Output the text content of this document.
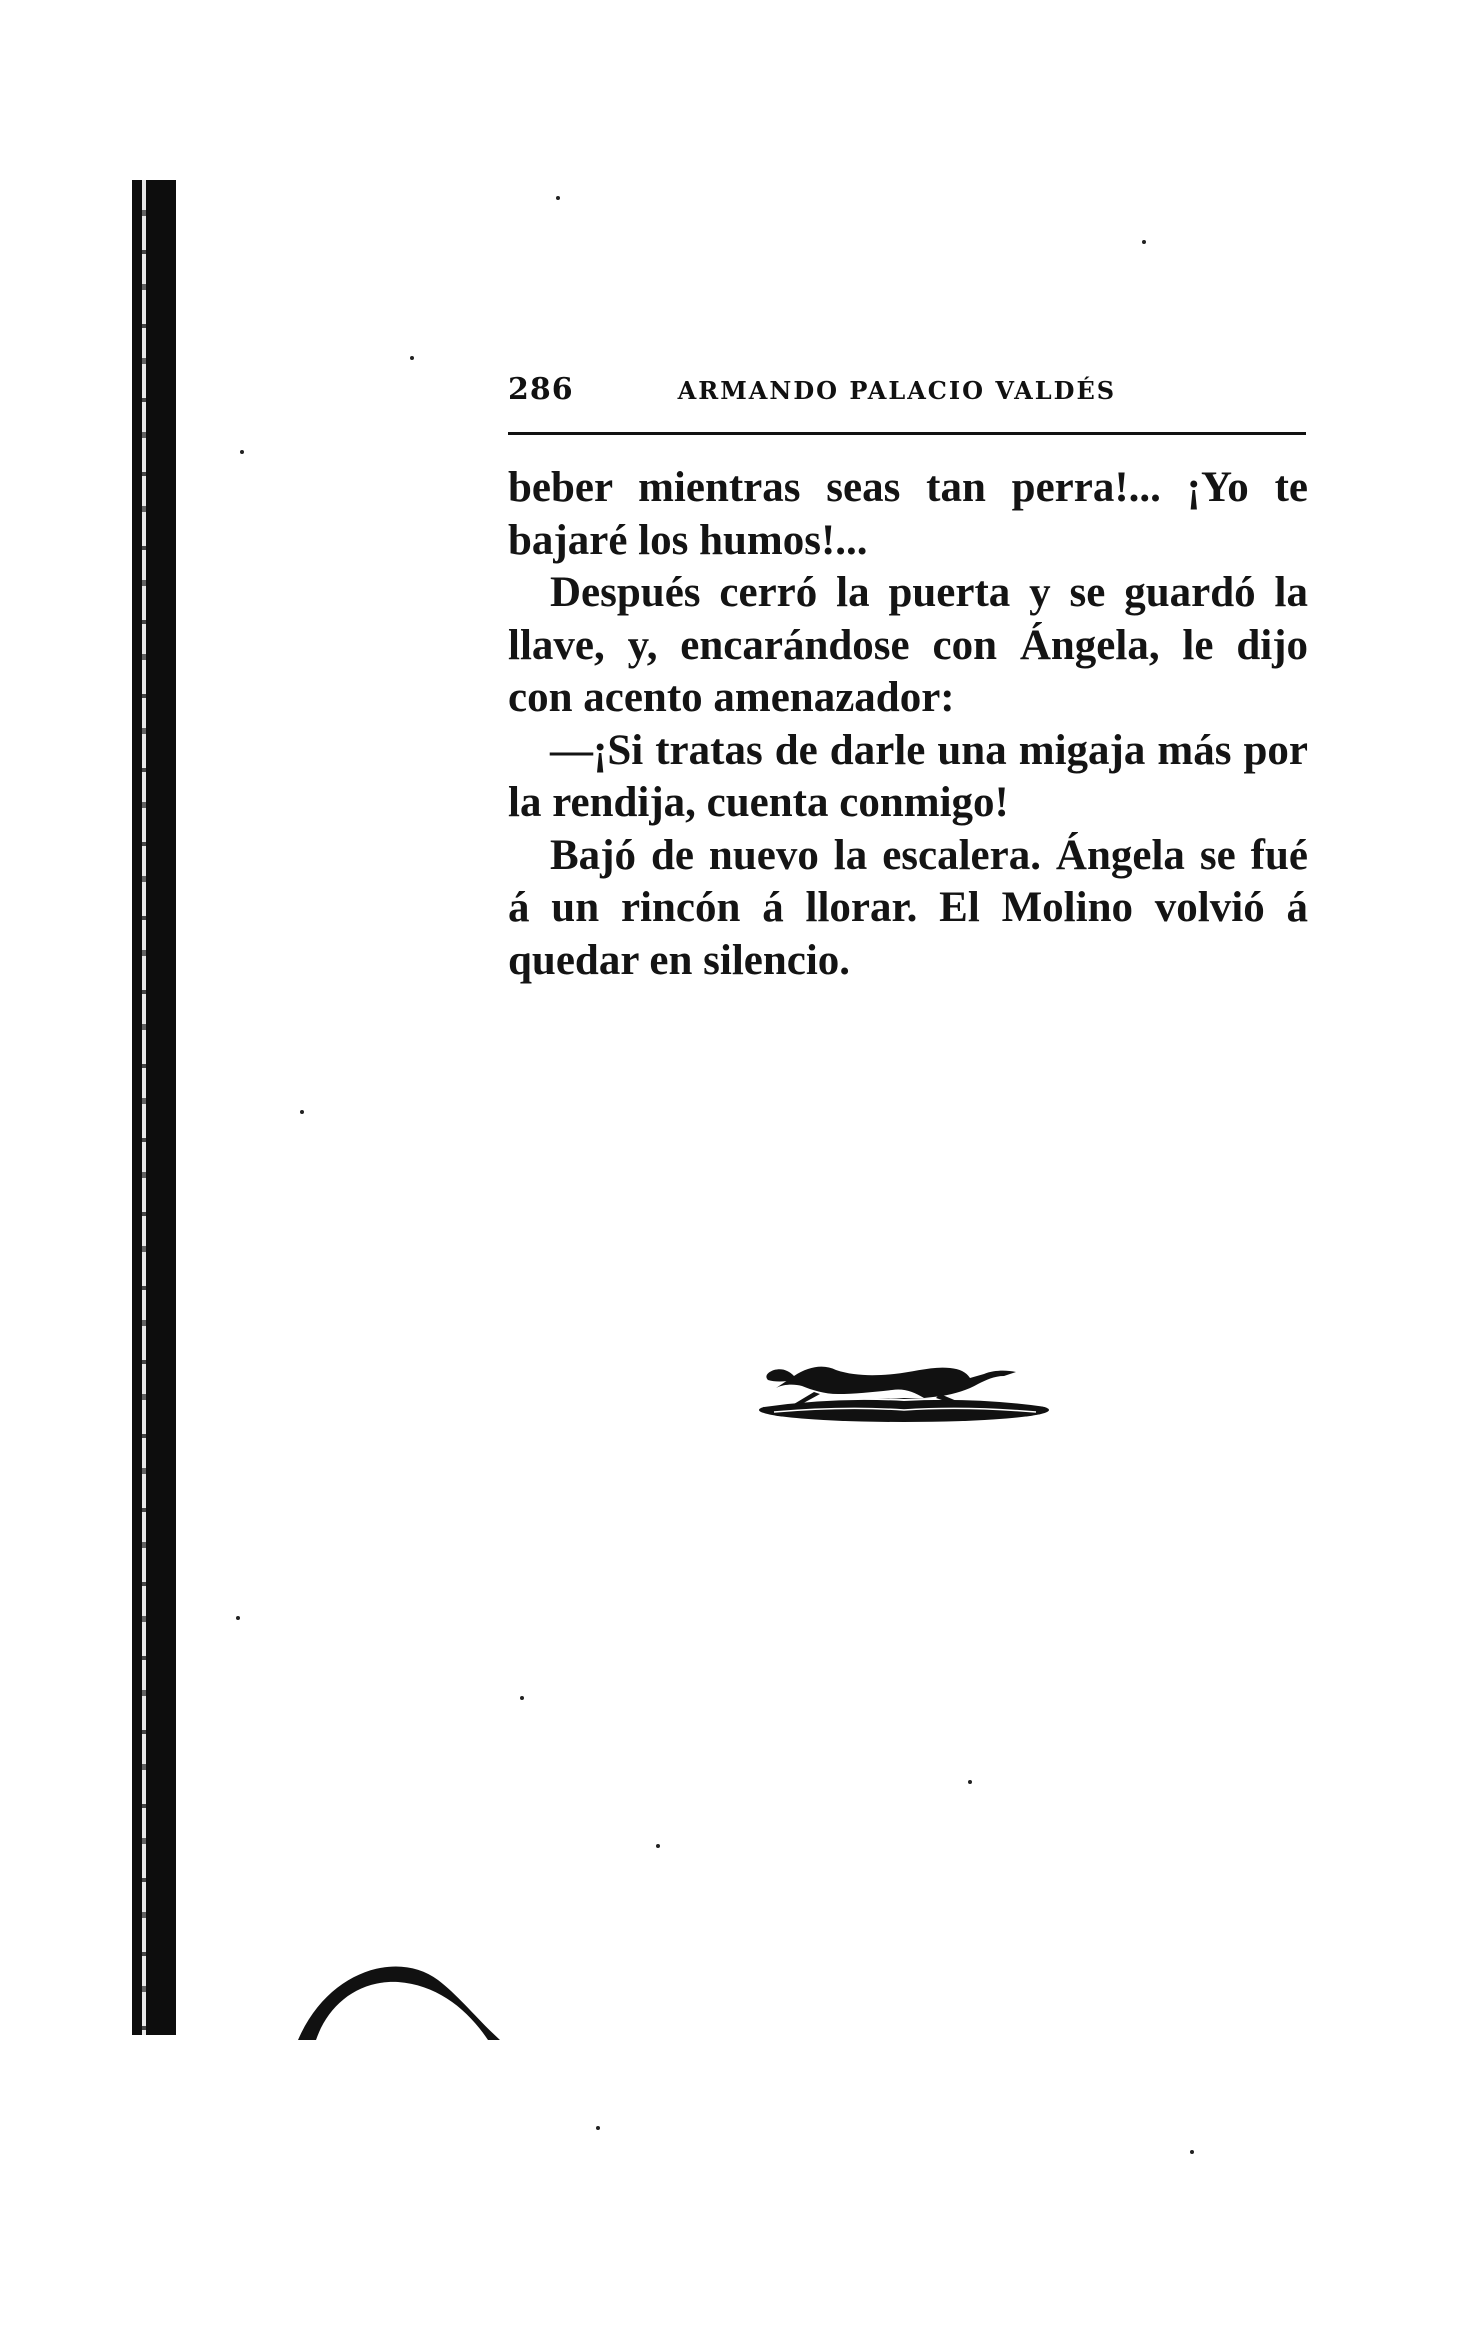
286	ARMANDO PALACIO VALDÉS

beber mientras seas tan perra!... ¡Yo te bajaré los humos!...

Después cerró la puerta y se guardó la llave, y, encarándose con Ángela, le dijo con acento amenazador:

—¡Si tratas de darle una migaja más por la rendija, cuenta conmigo!

Bajó de nuevo la escalera. Ángela se fué á un rincón á llorar. El Molino volvió á quedar en silencio.
